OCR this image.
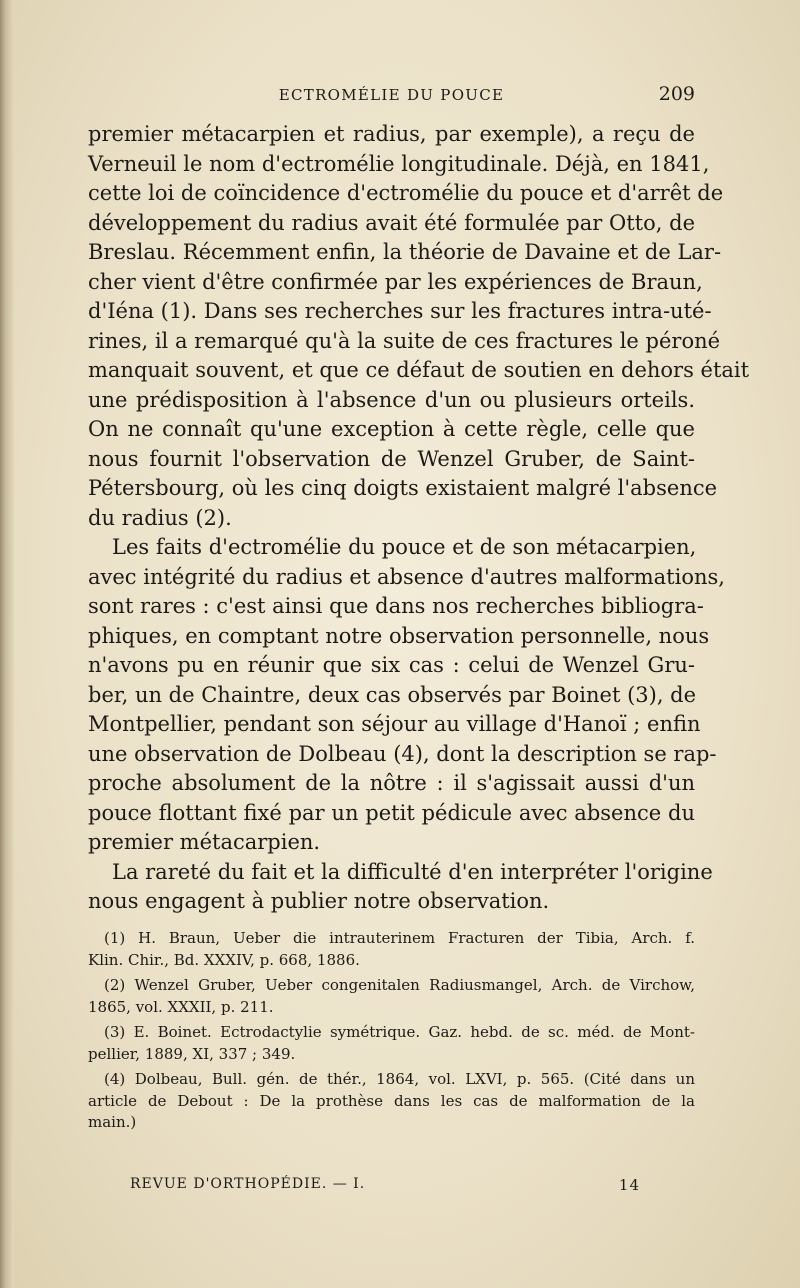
ECTROMÉLIE DU POUCE	209
premier métacarpien et radius, par exemple), a reçu de
Verneuil le nom d'ectromélie longitudinale. Déjà, en 1841,
cette loi de coïncidence d'ectromélie du pouce et d'arrêt de
développement du radius avait été formulée par Otto, de
Breslau. Récemment enfin, la théorie de Davaine et de Lar-
cher vient d'être confirmée par les expériences de Braun,
d'Iéna (1). Dans ses recherches sur les fractures intra-uté-
rines, il a remarqué qu'à la suite de ces fractures le péroné
manquait souvent, et que ce défaut de soutien en dehors était
une prédisposition à l'absence d'un ou plusieurs orteils.
On ne connaît qu'une exception à cette règle, celle que
nous fournit l'observation de Wenzel Gruber, de Saint-
Pétersbourg, où les cinq doigts existaient malgré l'absence
du radius (2).
Les faits d'ectromélie du pouce et de son métacarpien,
avec intégrité du radius et absence d'autres malformations,
sont rares : c'est ainsi que dans nos recherches bibliogra-
phiques, en comptant notre observation personnelle, nous
n'avons pu en réunir que six cas : celui de Wenzel Gru-
ber, un de Chaintre, deux cas observés par Boinet (3), de
Montpellier, pendant son séjour au village d'Hanoï ; enfin
une observation de Dolbeau (4), dont la description se rap-
proche absolument de la nôtre : il s'agissait aussi d'un
pouce flottant fixé par un petit pédicule avec absence du
premier métacarpien.
La rareté du fait et la difficulté d'en interpréter l'origine
nous engagent à publier notre observation.
(1) H. Braun, Ueber die intrauterinem Fracturen der Tibia, Arch. f.
Klin. Chir., Bd. XXXIV, p. 668, 1886.
(2) Wenzel Gruber, Ueber congenitalen Radiusmangel, Arch. de Virchow,
1865, vol. XXXII, p. 211.
(3) E. Boinet. Ectrodactylie symétrique. Gaz. hebd. de sc. méd. de Mont-
pellier, 1889, XI, 337 ; 349.
(4) Dolbeau, Bull. gén. de thér., 1864, vol. LXVI, p. 565. (Cité dans un
article de Debout : De la prothèse dans les cas de malformation de la
main.)
REVUE D'ORTHOPÉDIE. — I.	14
